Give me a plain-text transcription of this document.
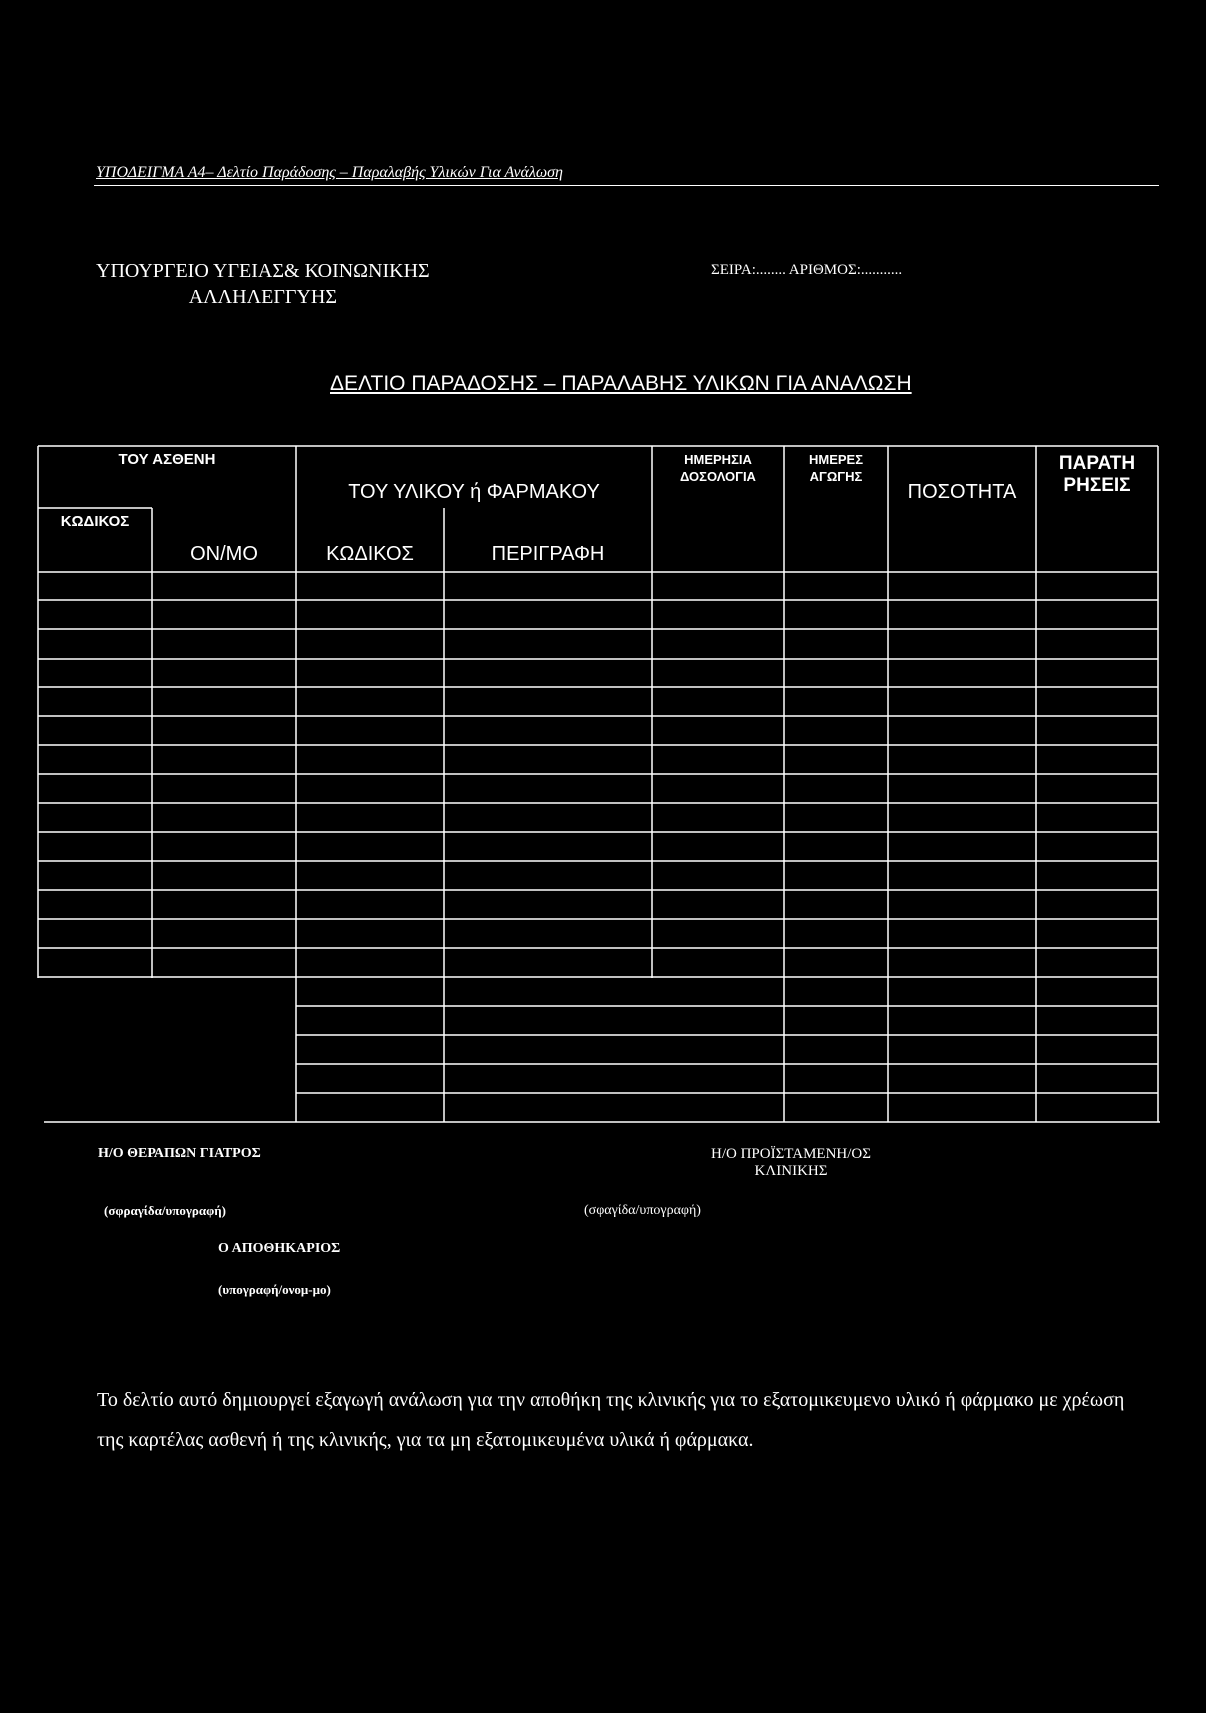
ΥΠΟΔΕΙΓΜΑ Α4– Δελτίο Παράδοσης – Παραλαβής Υλικών Για Ανάλωση
ΥΠΟΥΡΓΕΙΟ ΥΓΕΙΑΣ& ΚΟΙΝΩΝΙΚΗΣ
ΑΛΛΗΛΕΓΓΥΗΣ
ΣΕΙΡΑ:........ ΑΡΙΘΜΟΣ:...........
ΔΕΛΤΙΟ ΠΑΡΑΔΟΣΗΣ – ΠΑΡΑΛΑΒΗΣ ΥΛΙΚΩΝ ΓΙΑ ΑΝΑΛΩΣΗ
ΤΟΥ ΑΣΘΕΝΗ
ΚΩΔΙΚΟΣ
ΤΟΥ ΥΛΙΚΟΥ ή ΦΑΡΜΑΚΟΥ
ΟΝ/ΜΟ	ΚΩΔΙΚΟΣ	ΠΕΡΙΓΡΑΦΗ
ΗΜΕΡΗΣΙΑ
ΔΟΣΟΛΟΓΙΑ
ΗΜΕΡΕΣ
ΑΓΩΓΗΣ
ΠΟΣΟΤΗΤΑ
ΠΑΡΑΤΗ
ΡΗΣΕΙΣ
Η/Ο ΘΕΡΑΠΩΝ ΓΙΑΤΡΟΣ
(σφραγίδα/υπογραφή)
Η/Ο ΠΡΟΪΣΤΑΜΕΝΗ/ΟΣ
ΚΛΙΝΙΚΗΣ
(σφαγίδα/υπογραφή)
Ο ΑΠΟΘΗΚΑΡΙΟΣ
(υπογραφή/ονομ-μο)
Το δελτίο αυτό δημιουργεί εξαγωγή ανάλωση για την αποθήκη της κλινικής για το εξατομικευμενο υλικό ή φάρμακο με χρέωση της καρτέλας ασθενή ή της κλινικής, για τα μη εξατομικευμένα υλικά ή φάρμακα.
